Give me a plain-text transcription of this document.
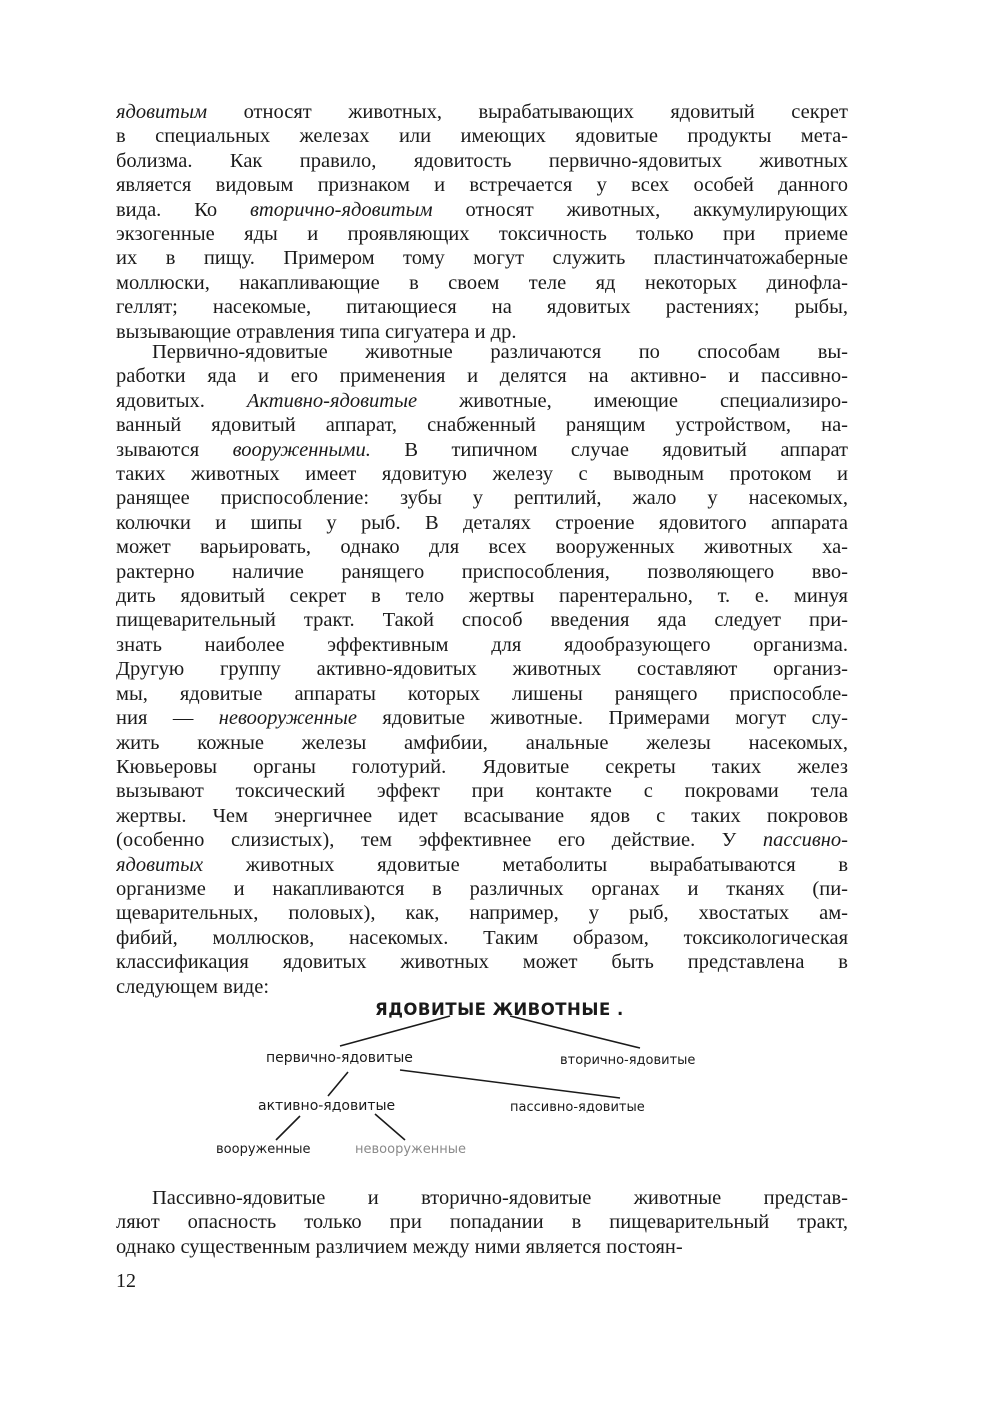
ядовитым относят животных, вырабатывающих ядовитый секрет
в специальных железах или имеющих ядовитые продукты мета-
болизма. Как правило, ядовитость первично-ядовитых животных
является видовым признаком и встречается у всех особей данного
вида. Ко вторично-ядовитым относят животных, аккумулирующих
экзогенные яды и проявляющих токсичность только при приеме
их в пищу. Примером тому могут служить пластинчатожаберные
моллюски, накапливающие в своем теле яд некоторых динофла-
геллят; насекомые, питающиеся на ядовитых растениях; рыбы,
вызывающие отравления типа сигуатера и др.
Первично-ядовитые животные различаются по способам вы-
работки яда и его применения и делятся на активно- и пассивно-
ядовитых. Активно-ядовитые животные, имеющие специализиро-
ванный ядовитый аппарат, снабженный ранящим устройством, на-
зываются вооруженными. В типичном случае ядовитый аппарат
таких животных имеет ядовитую железу с выводным протоком и
ранящее приспособление: зубы у рептилий, жало у насекомых,
колючки и шипы у рыб. В деталях строение ядовитого аппарата
может варьировать, однако для всех вооруженных животных ха-
рактерно наличие ранящего приспособления, позволяющего вво-
дить ядовитый секрет в тело жертвы парентерально, т. е. минуя
пищеварительный тракт. Такой способ введения яда следует при-
знать наиболее эффективным для ядообразующего организма.
Другую группу активно-ядовитых животных составляют организ-
мы, ядовитые аппараты которых лишены ранящего приспособле-
ния — невооруженные ядовитые животные. Примерами могут слу-
жить кожные железы амфибии, анальные железы насекомых,
Кювьеровы органы голотурий. Ядовитые секреты таких желез
вызывают токсический эффект при контакте с покровами тела
жертвы. Чем энергичнее идет всасывание ядов с таких покровов
(особенно слизистых), тем эффективнее его действие. У пассивно-
ядовитых животных ядовитые метаболиты вырабатываются в
организме и накапливаются в различных органах и тканях (пи-
щеварительных, половых), как, например, у рыб, хвостатых ам-
фибий, моллюсков, насекомых. Таким образом, токсикологическая
классификация ядовитых животных может быть представлена в
следующем виде:
ЯДОВИТЫЕ ЖИВОТНЫЕ .
первично-ядовитые	вторично-ядовитые
активно-ядовитые	пассивно-ядовитые
вооруженные	невооруженные
Пассивно-ядовитые и вторично-ядовитые животные представ-
ляют опасность только при попадании в пищеварительный тракт,
однако существенным различием между ними является постоян-
12
